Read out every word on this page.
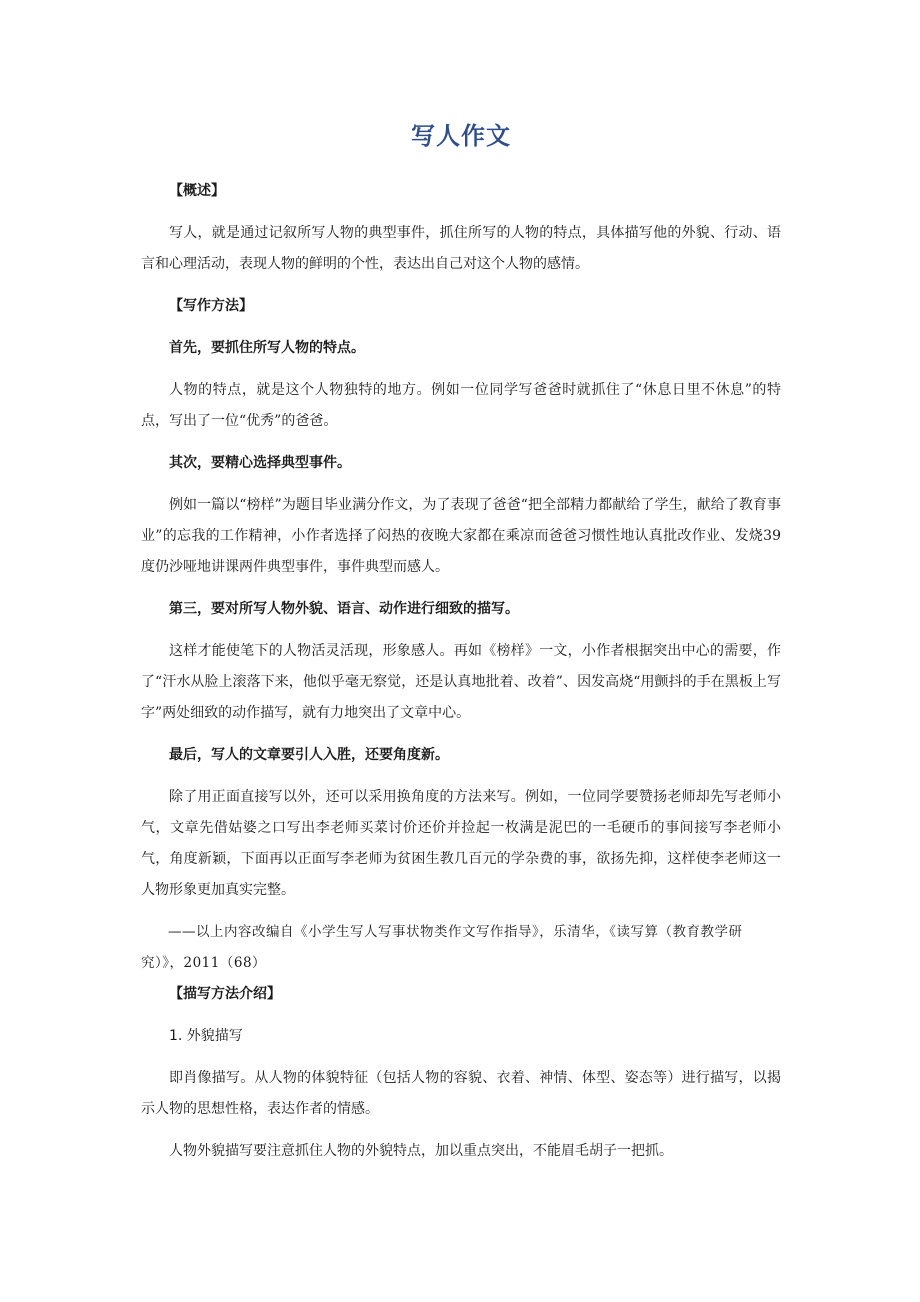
写人作文

【概述】

写人，就是通过记叙所写人物的典型事件，抓住所写的人物的特点，具体描写他的外貌、行动、语言和心理活动，表现人物的鲜明的个性，表达出自己对这个人物的感情。

【写作方法】

首先，要抓住所写人物的特点。

人物的特点，就是这个人物独特的地方。例如一位同学写爸爸时就抓住了“休息日里不休息”的特点，写出了一位“优秀”的爸爸。

其次，要精心选择典型事件。

例如一篇以“榜样”为题目毕业满分作文，为了表现了爸爸“把全部精力都献给了学生，献给了教育事业”的忘我的工作精神，小作者选择了闷热的夜晚大家都在乘凉而爸爸习惯性地认真批改作业、发烧39度仍沙哑地讲课两件典型事件，事件典型而感人。

第三，要对所写人物外貌、语言、动作进行细致的描写。

这样才能使笔下的人物活灵活现，形象感人。再如《榜样》一文，小作者根据突出中心的需要，作了“汗水从脸上滚落下来，他似乎毫无察觉，还是认真地批着、改着”、因发高烧“用颤抖的手在黑板上写字”两处细致的动作描写，就有力地突出了文章中心。

最后，写人的文章要引人入胜，还要角度新。

除了用正面直接写以外，还可以采用换角度的方法来写。例如，一位同学要赞扬老师却先写老师小气，文章先借姑婆之口写出李老师买菜讨价还价并捡起一枚满是泥巴的一毛硬币的事间接写李老师小气，角度新颖，下面再以正面写李老师为贫困生教几百元的学杂费的事，欲扬先抑，这样使李老师这一人物形象更加真实完整。

——以上内容改编自《小学生写人写事状物类作文写作指导》，乐清华，《读写算（教育教学研究）》，2011（68）

【描写方法介绍】

1. 外貌描写

即肖像描写。从人物的体貌特征（包括人物的容貌、衣着、神情、体型、姿态等）进行描写，以揭示人物的思想性格，表达作者的情感。

人物外貌描写要注意抓住人物的外貌特点，加以重点突出，不能眉毛胡子一把抓。
